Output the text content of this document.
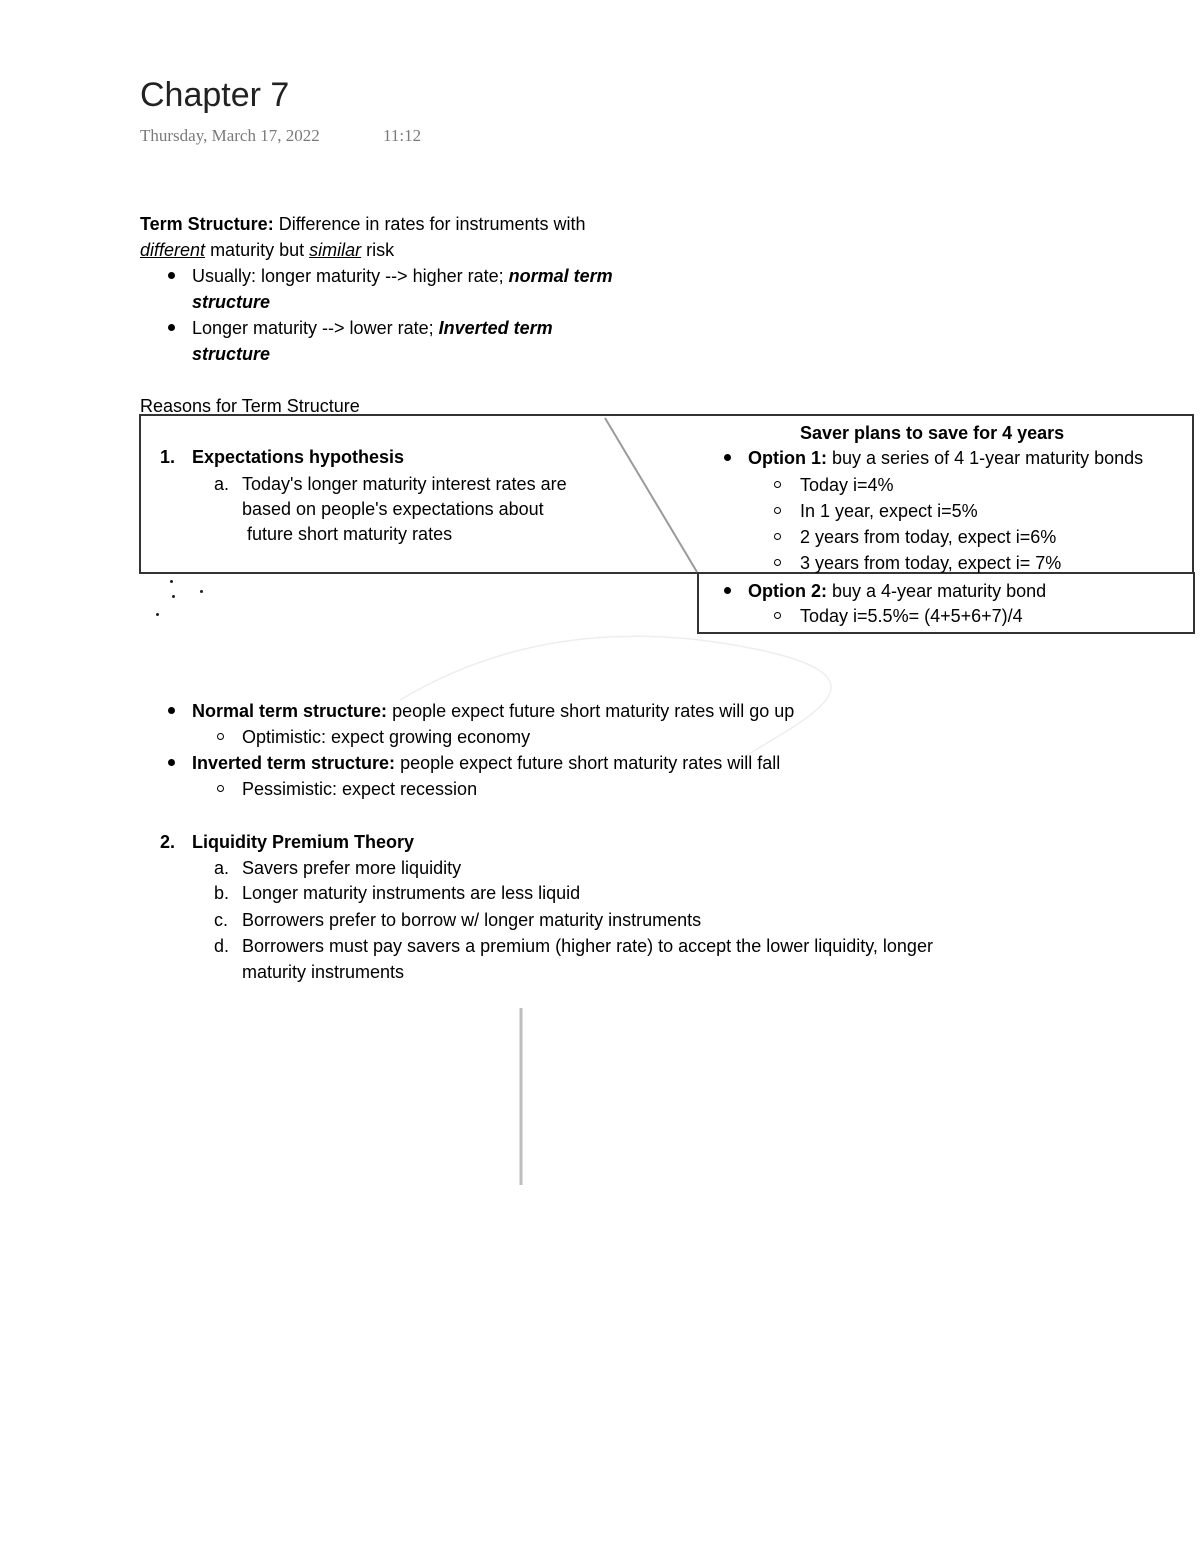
Chapter 7
Thursday, March 17, 2022	11:12
Term Structure: Difference in rates for instruments with
different maturity but similar risk
Usually: longer maturity --> higher rate; normal term
structure
Longer maturity --> lower rate; Inverted term
structure
Reasons for Term Structure
1. Expectations hypothesis
a. Today's longer maturity interest rates are
based on people's expectations about
future short maturity rates
Saver plans to save for 4 years
Option 1: buy a series of 4 1-year maturity bonds
Today i=4%
In 1 year, expect i=5%
2 years from today, expect i=6%
3 years from today, expect i= 7%
Option 2: buy a 4-year maturity bond
Today i=5.5%= (4+5+6+7)/4
Normal term structure: people expect future short maturity rates will go up
Optimistic: expect growing economy
Inverted term structure: people expect future short maturity rates will fall
Pessimistic: expect recession
2. Liquidity Premium Theory
a. Savers prefer more liquidity
b. Longer maturity instruments are less liquid
c. Borrowers prefer to borrow w/ longer maturity instruments
d. Borrowers must pay savers a premium (higher rate) to accept the lower liquidity, longer
maturity instruments
